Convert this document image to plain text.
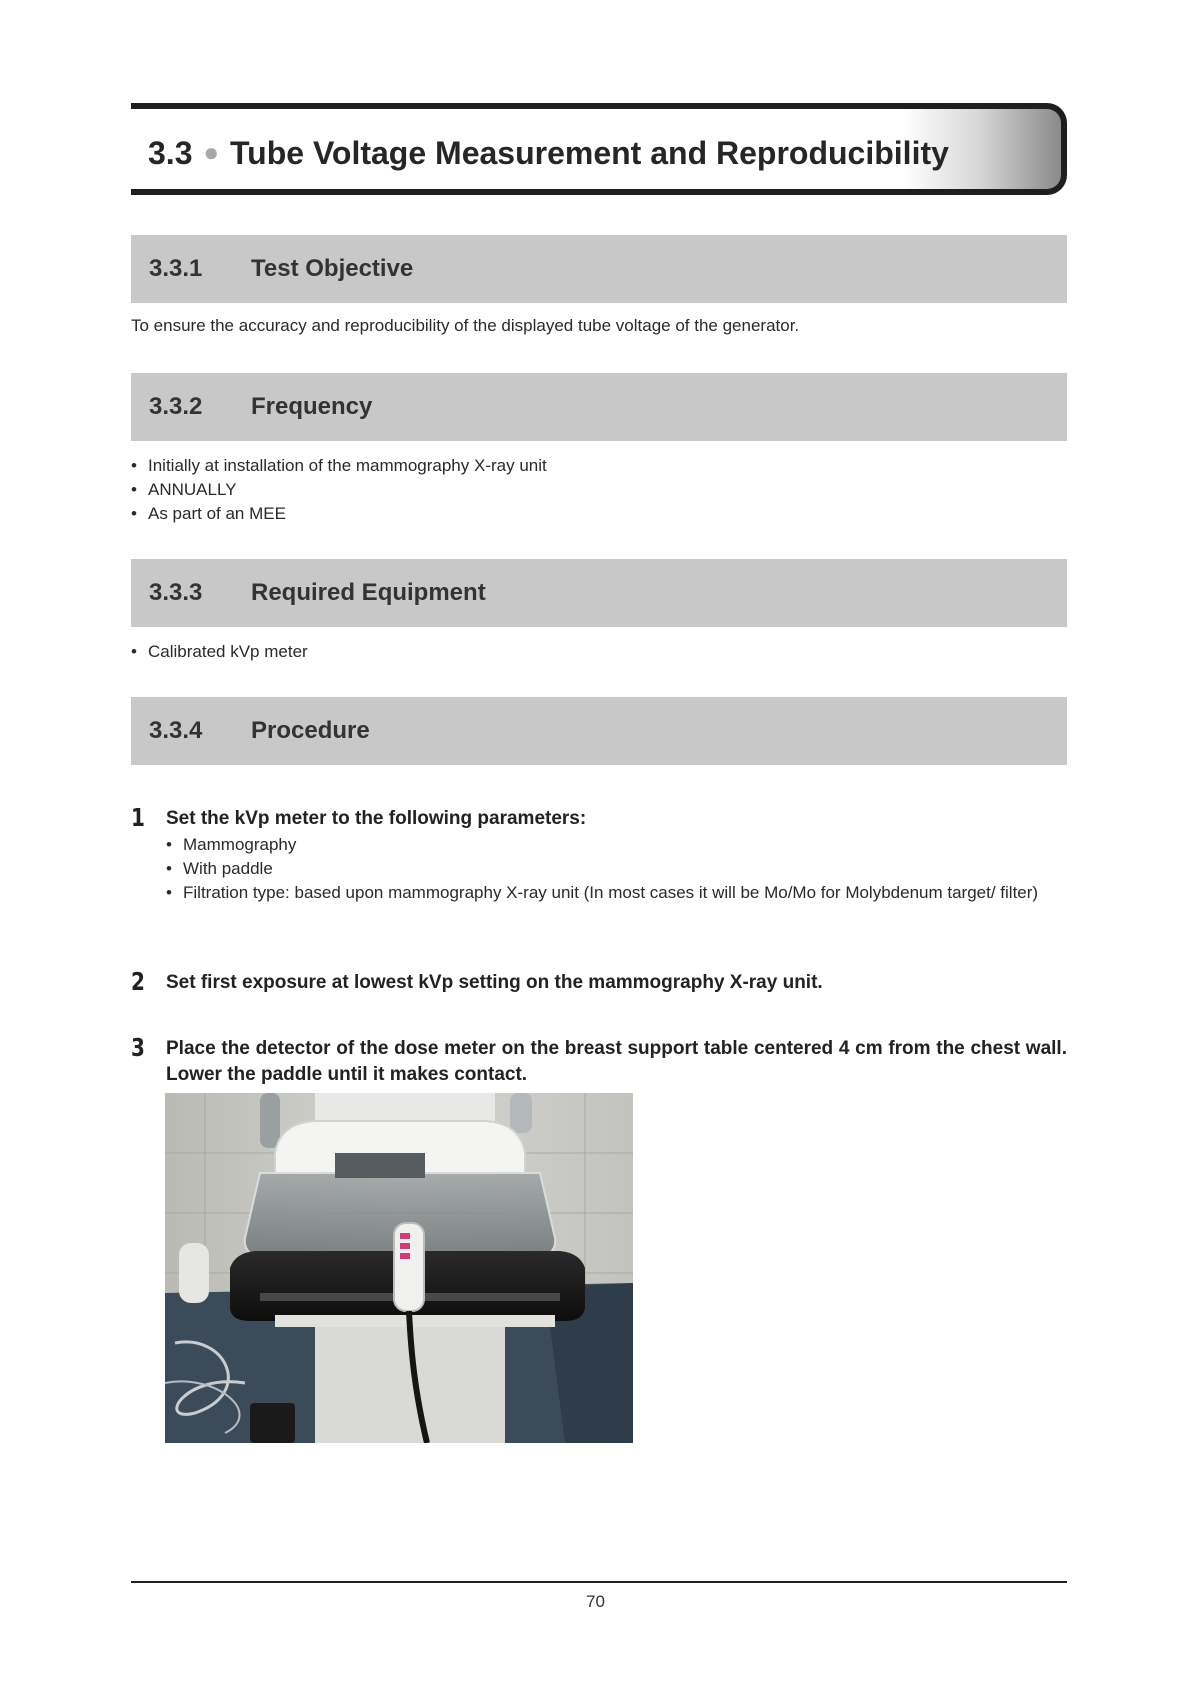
3.3 ● Tube Voltage Measurement and Reproducibility
3.3.1 Test Objective

To ensure the accuracy and reproducibility of the displayed tube voltage of the generator.

3.3.2 Frequency
• Initially at installation of the mammography X-ray unit
• ANNUALLY
• As part of an MEE
3.3.3 Required Equipment
• Calibrated kVp meter
3.3.4 Procedure
1 Set the kVp meter to the following parameters:

• Mammography
• With paddle
• Filtration type: based upon mammography X-ray unit (In most cases it will be Mo/Mo for Molybdenum target/ filter)
2 Set first exposure at lowest kVp setting on the mammography X-ray unit.

3 Place the detector of the dose meter on the breast support table centered 4 cm from the chest wall. Lower the paddle until it makes contact.

70
